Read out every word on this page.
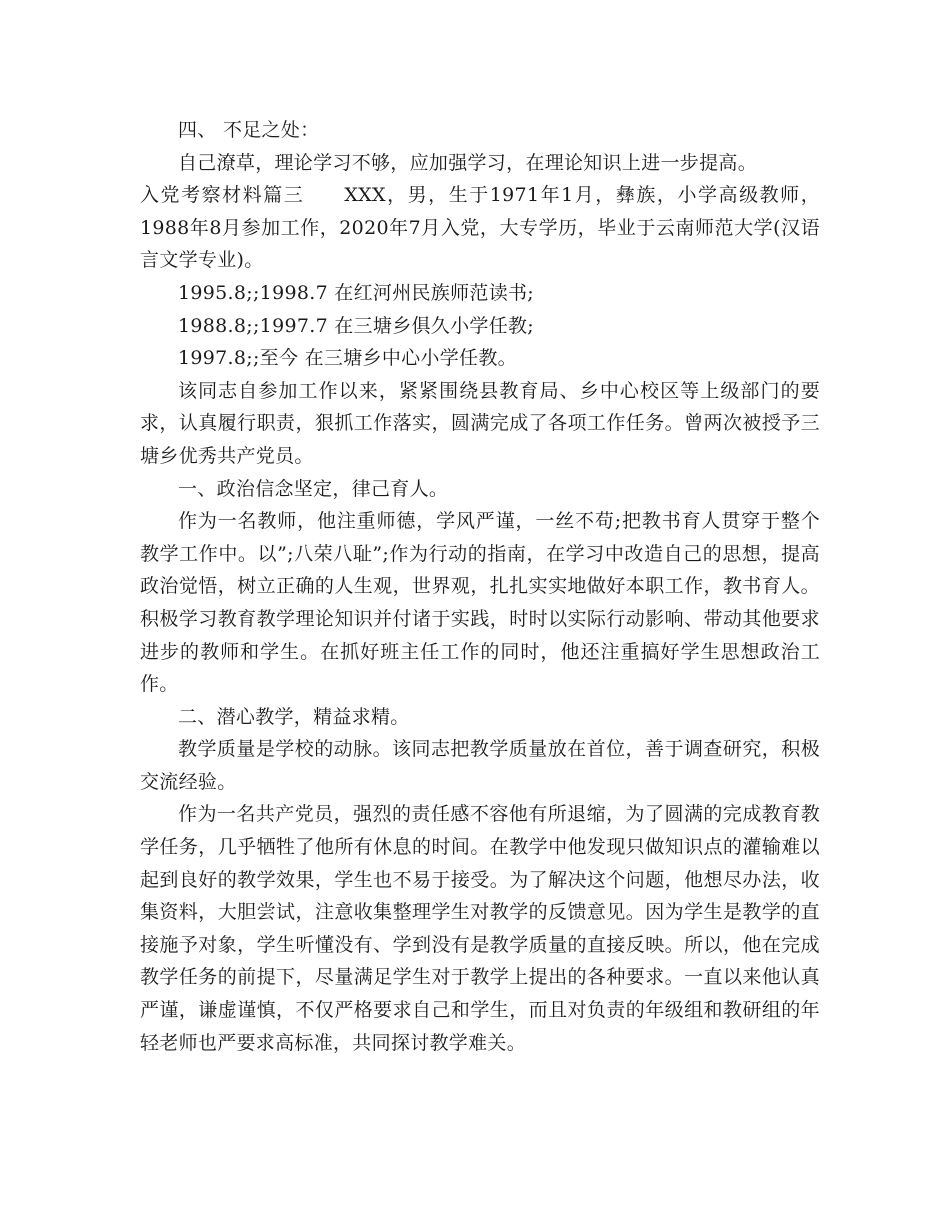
四、 不足之处：

自己潦草，理论学习不够，应加强学习，在理论知识上进一步提高。

入党考察材料篇三 XXX，男，生于1971年1月，彝族，小学高级教师，1988年8月参加工作，2020年7月入党，大专学历，毕业于云南师范大学(汉语言文学专业)。

1995.8;;1998.7 在红河州民族师范读书;

1988.8;;1997.7 在三塘乡俱久小学任教;

1997.8;;至今 在三塘乡中心小学任教。

该同志自参加工作以来，紧紧围绕县教育局、乡中心校区等上级部门的要求，认真履行职责，狠抓工作落实，圆满完成了各项工作任务。曾两次被授予三塘乡优秀共产党员。

一、政治信念坚定，律己育人。

作为一名教师，他注重师德，学风严谨，一丝不苟;把教书育人贯穿于整个教学工作中。以”;八荣八耻”;作为行动的指南，在学习中改造自己的思想，提高政治觉悟，树立正确的人生观，世界观，扎扎实实地做好本职工作，教书育人。积极学习教育教学理论知识并付诸于实践，时时以实际行动影响、带动其他要求进步的教师和学生。在抓好班主任工作的同时，他还注重搞好学生思想政治工作。

二、潜心教学，精益求精。

教学质量是学校的动脉。该同志把教学质量放在首位，善于调查研究，积极交流经验。

作为一名共产党员，强烈的责任感不容他有所退缩，为了圆满的完成教育教学任务，几乎牺牲了他所有休息的时间。在教学中他发现只做知识点的灌输难以起到良好的教学效果，学生也不易于接受。为了解决这个问题，他想尽办法，收集资料，大胆尝试，注意收集整理学生对教学的反馈意见。因为学生是教学的直接施予对象，学生听懂没有、学到没有是教学质量的直接反映。所以，他在完成教学任务的前提下，尽量满足学生对于教学上提出的各种要求。一直以来他认真严谨，谦虚谨慎，不仅严格要求自己和学生，而且对负责的年级组和教研组的年轻老师也严要求高标准，共同探讨教学难关。
